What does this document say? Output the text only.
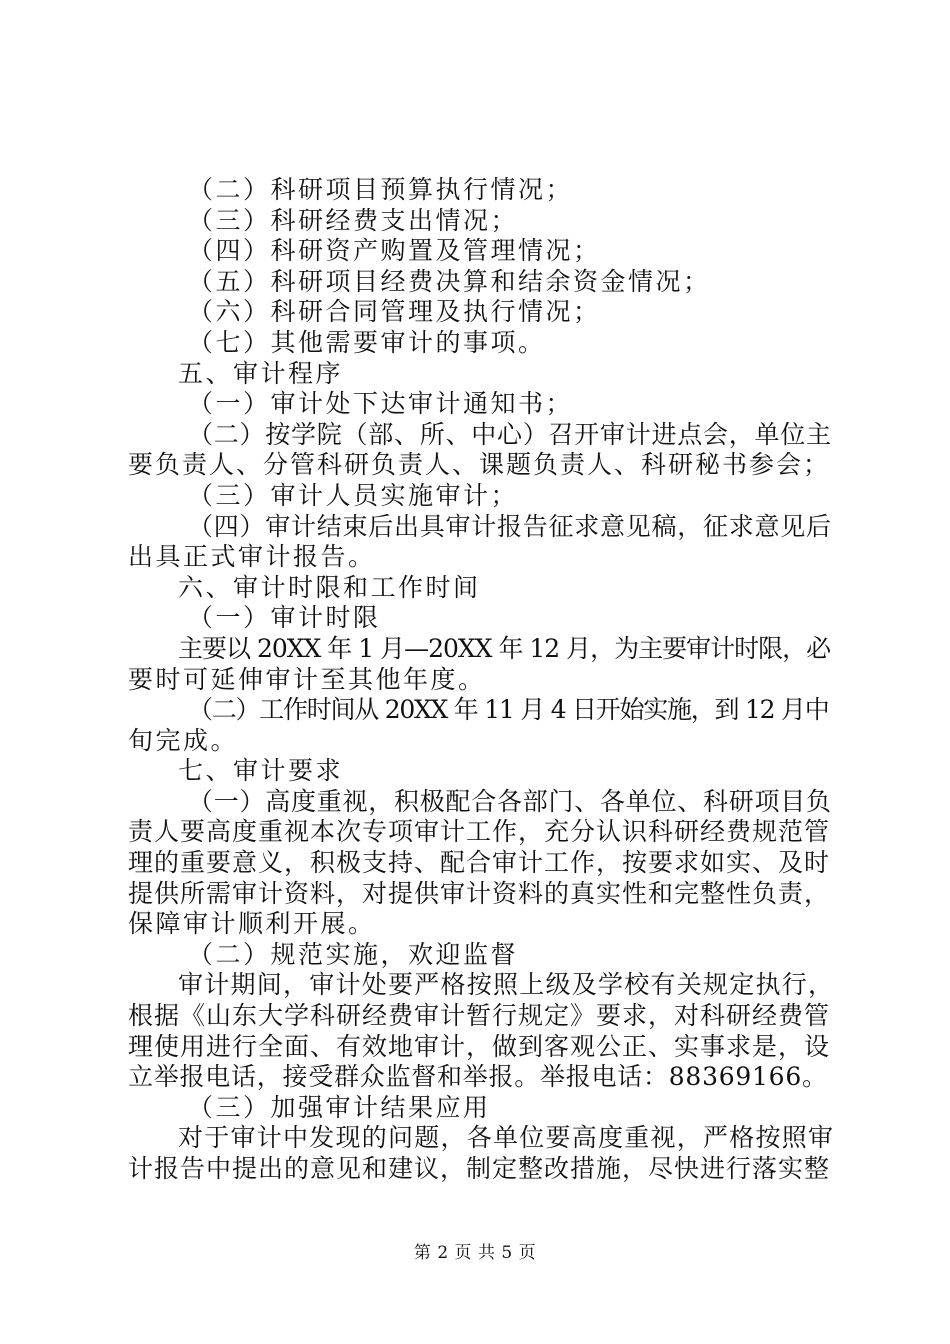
（二）科研项目预算执行情况；
（三）科研经费支出情况；
（四）科研资产购置及管理情况；
（五）科研项目经费决算和结余资金情况；
（六）科研合同管理及执行情况；
（七）其他需要审计的事项。
五、审计程序
（一）审计处下达审计通知书；
（二）按学院（部、所、中心）召开审计进点会，单位主
要负责人、分管科研负责人、课题负责人、科研秘书参会；
（三）审计人员实施审计；
（四）审计结束后出具审计报告征求意见稿，征求意见后
出具正式审计报告。
六、审计时限和工作时间
（一）审计时限
主要以 20XX 年 1 月—20XX 年 12 月，为主要审计时限，必
要时可延伸审计至其他年度。
（二）工作时间从 20XX 年 11 月 4 日开始实施，到 12 月中
旬完成。
七、审计要求
（一）高度重视，积极配合各部门、各单位、科研项目负
责人要高度重视本次专项审计工作，充分认识科研经费规范管
理的重要意义，积极支持、配合审计工作，按要求如实、及时
提供所需审计资料，对提供审计资料的真实性和完整性负责，
保障审计顺利开展。
（二）规范实施，欢迎监督
审计期间，审计处要严格按照上级及学校有关规定执行，
根据《山东大学科研经费审计暂行规定》要求，对科研经费管
理使用进行全面、有效地审计，做到客观公正、实事求是，设
立举报电话，接受群众监督和举报。举报电话：88369166。
（三）加强审计结果应用
对于审计中发现的问题，各单位要高度重视，严格按照审
计报告中提出的意见和建议，制定整改措施，尽快进行落实整
第 2 页 共 5 页
